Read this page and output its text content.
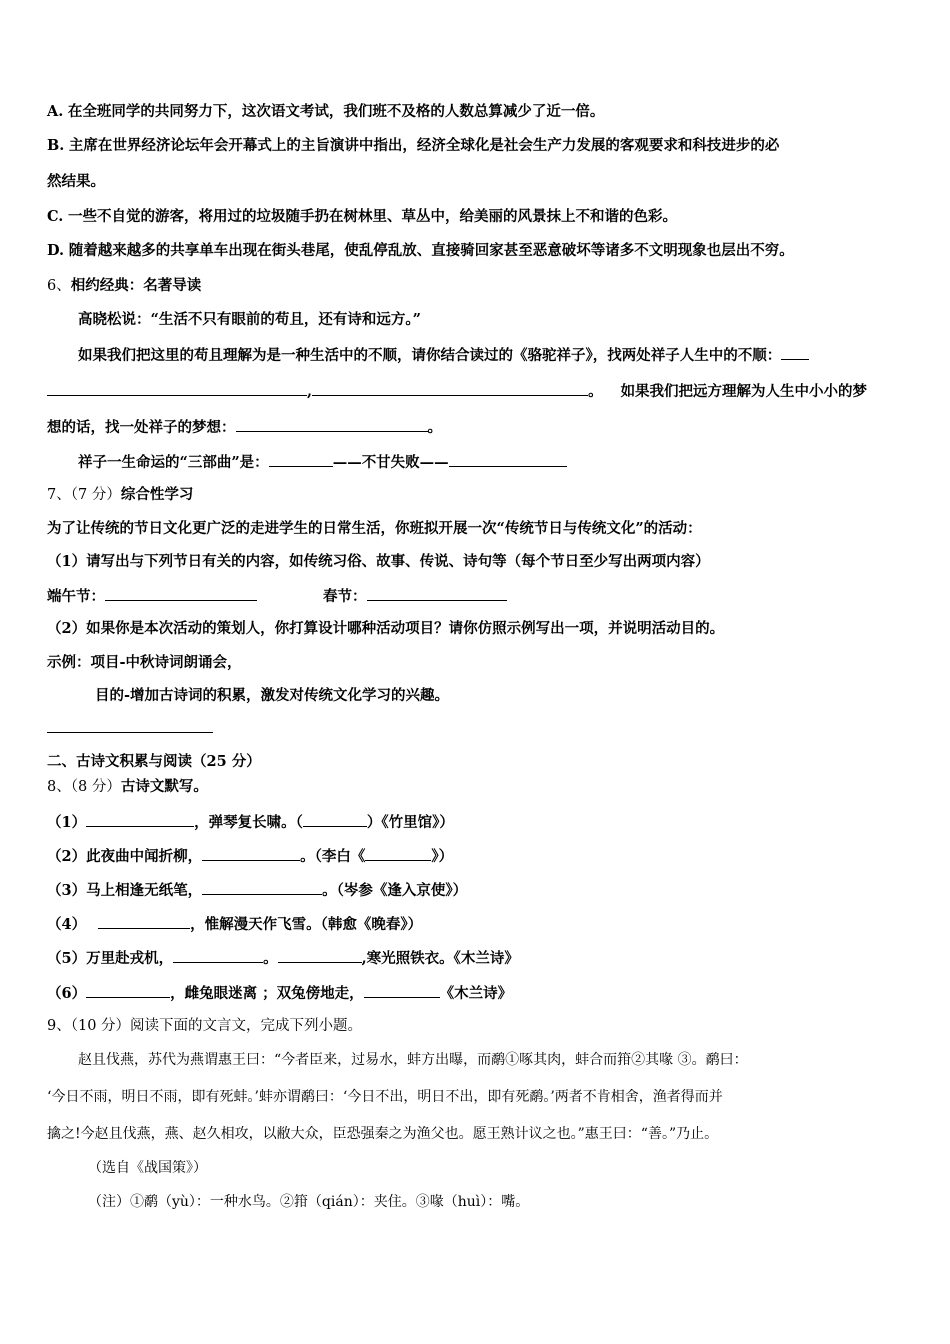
A. 在全班同学的共同努力下，这次语文考试，我们班不及格的人数总算减少了近一倍。
B. 主席在世界经济论坛年会开幕式上的主旨演讲中指出，经济全球化是社会生产力发展的客观要求和科技进步的必
然结果。
C. 一些不自觉的游客，将用过的垃圾随手扔在树林里、草丛中，给美丽的风景抹上不和谐的色彩。
D. 随着越来越多的共享单车出现在街头巷尾，使乱停乱放、直接骑回家甚至恶意破坏等诸多不文明现象也层出不穷。
6、相约经典：名著导读
高晓松说：“生活不只有眼前的苟且，还有诗和远方。”
如果我们把这里的苟且理解为是一种生活中的不顺，请你结合读过的《骆驼祥子》，找两处祥子人生中的不顺：
,	。 如果我们把远方理解为人生中小小的梦
想的话，找一处祥子的梦想：	。
祥子一生命运的“三部曲”是：	——不甘失败——
7、（7 分）综合性学习
为了让传统的节日文化更广泛的走进学生的日常生活，你班拟开展一次“传统节日与传统文化”的活动：
（1）请写出与下列节日有关的内容，如传统习俗、故事、传说、诗句等（每个节日至少写出两项内容）
端午节：	春节：
（2）如果你是本次活动的策划人，你打算设计哪种活动项目？请你仿照示例写出一项，并说明活动目的。
示例：项目-中秋诗词朗诵会，
目的-增加古诗词的积累，激发对传统文化学习的兴趣。
二、古诗文积累与阅读（25 分）
8、（8 分）古诗文默写。
（1）	，弹琴复长啸。（	）《竹里馆》）
（2）此夜曲中闻折柳，	。（李白《	》）
（3）马上相逢无纸笔，	。（岑参《逢入京使》）
（4）	，惟解漫天作飞雪。（韩愈《晚春》）
（5）万里赴戎机，	。	,寒光照铁衣。《木兰诗》
（6）	，雌兔眼迷离 ；双兔傍地走，	《木兰诗》
9、（10 分）阅读下面的文言文，完成下列小题。
赵且伐燕，苏代为燕谓惠王曰：“今者臣来，过易水，蚌方出曝，而鹬①啄其肉，蚌合而箝②其喙 ③。鹬曰：
‘今日不雨，明日不雨，即有死蚌。’蚌亦谓鹬曰：‘今日不出，明日不出，即有死鹬。’两者不肯相舍，渔者得而并
擒之!今赵且伐燕，燕、赵久相攻，以敝大众，臣恐强秦之为渔父也。愿王熟计议之也。”惠王曰：“善。”乃止。
（选自《战国策》）
（注）①鹬（yù）：一种水鸟。②箝（qián）：夹住。③喙（huì）：嘴。
